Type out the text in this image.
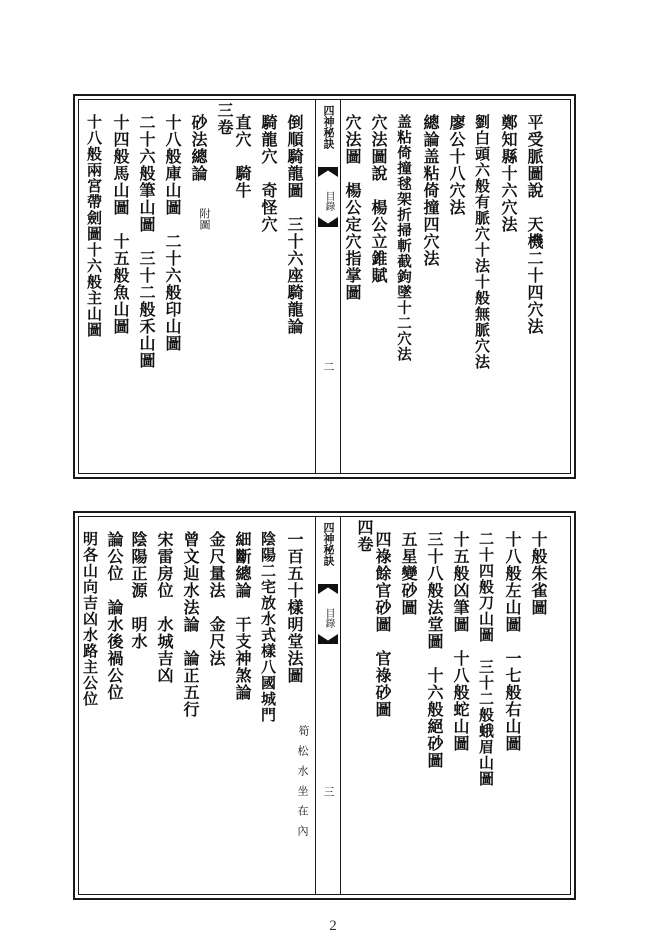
四神秘訣
目錄
二
平受脈圖說　天機二十四穴法
鄭知縣十六穴法
劉白頭六般有脈穴十法十般無脈穴法
廖公十八穴法
總論盖粘倚撞四穴法
盖粘倚撞毬架折掃斬截鉤墜十二穴法
穴法圖說　楊公立錐賦
穴法圖　楊公定穴指掌圖
倒順騎龍圖　三十六座騎龍論
騎龍穴　奇怪穴
直穴　騎牛
三卷
砂法總論
附圖
十八般庫山圖　二十六般印山圖
二十六般筆山圖　三十二般禾山圖
十四般馬山圖　十五般魚山圖
十八般兩宮帶劍圖十六般主山圖
四神秘訣
目錄
三
十般朱雀圖
十八般左山圖　一七般右山圖
二十四般刀山圖　三十二般蛾眉山圖
十五般凶筆圖　十八般蛇山圖
三十八般法堂圖　十六般絕砂圖
五星變砂圖
四祿餘官砂圖　官祿砂圖
四卷
一百五十樣明堂法圖
筍
松
水
坐
在
內
陰陽二宅放水式樣八國城門
細斷總論　干支神煞論
金尺量法　金尺法
曾文辿水法論　論正五行
宋雷房位　水城吉凶
陰陽正源　明水
論公位　論水後禍公位
明各山向吉凶水路主公位
2
